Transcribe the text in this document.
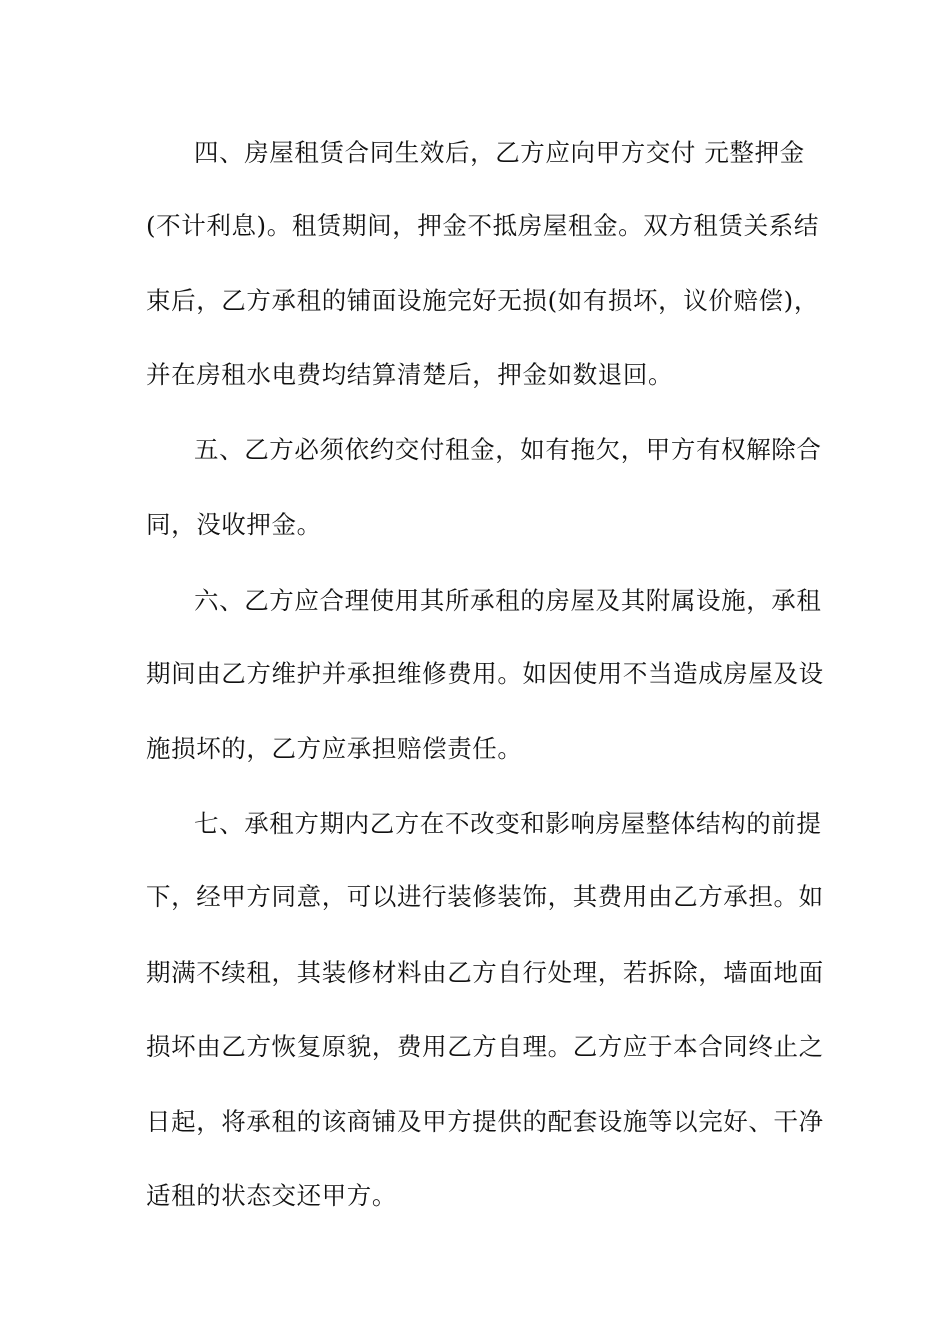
四、房屋租赁合同生效后，乙方应向甲方交付 元整押金
(不计利息)。租赁期间，押金不抵房屋租金。双方租赁关系结
束后，乙方承租的铺面设施完好无损(如有损坏，议价赔偿)，
并在房租水电费均结算清楚后，押金如数退回。
五、乙方必须依约交付租金，如有拖欠，甲方有权解除合
同，没收押金。
六、乙方应合理使用其所承租的房屋及其附属设施，承租
期间由乙方维护并承担维修费用。如因使用不当造成房屋及设
施损坏的，乙方应承担赔偿责任。
七、承租方期内乙方在不改变和影响房屋整体结构的前提
下，经甲方同意，可以进行装修装饰，其费用由乙方承担。如
期满不续租，其装修材料由乙方自行处理，若拆除，墙面地面
损坏由乙方恢复原貌，费用乙方自理。乙方应于本合同终止之
日起，将承租的该商铺及甲方提供的配套设施等以完好、干净
适租的状态交还甲方。
